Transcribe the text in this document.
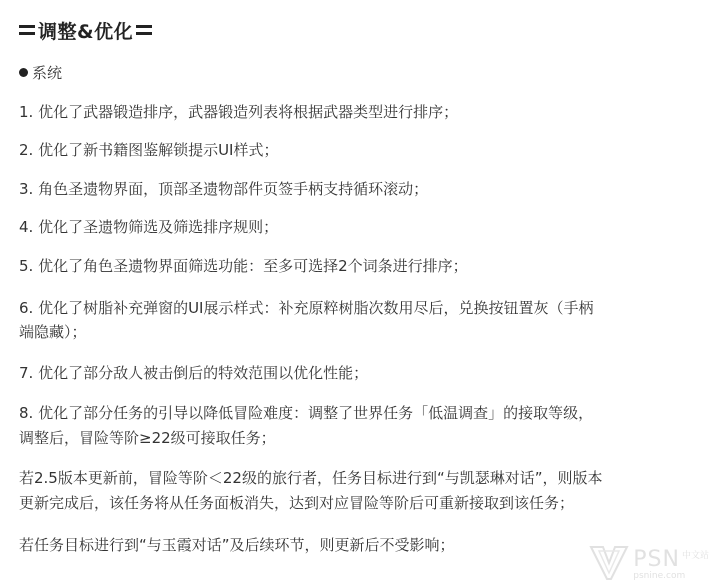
调整&优化
系统
1. 优化了武器锻造排序，武器锻造列表将根据武器类型进行排序；
2. 优化了新书籍图鉴解锁提示UI样式；
3. 角色圣遗物界面，顶部圣遗物部件页签手柄支持循环滚动；
4. 优化了圣遗物筛选及筛选排序规则；
5. 优化了角色圣遗物界面筛选功能：至多可选择2个词条进行排序；
6. 优化了树脂补充弹窗的UI展示样式：补充原粹树脂次数用尽后，兑换按钮置灰（手柄
端隐藏）；
7. 优化了部分敌人被击倒后的特效范围以优化性能；
8. 优化了部分任务的引导以降低冒险难度：调整了世界任务「低温调查」的接取等级，
调整后，冒险等阶≥22级可接取任务；
若2.5版本更新前，冒险等阶＜22级的旅行者，任务目标进行到“与凯瑟琳对话”，则版本
更新完成后，该任务将从任务面板消失，达到对应冒险等阶后可重新接取到该任务；
若任务目标进行到“与玉霞对话”及后续环节，则更新后不受影响；
PSN 中文站
psnine.com
